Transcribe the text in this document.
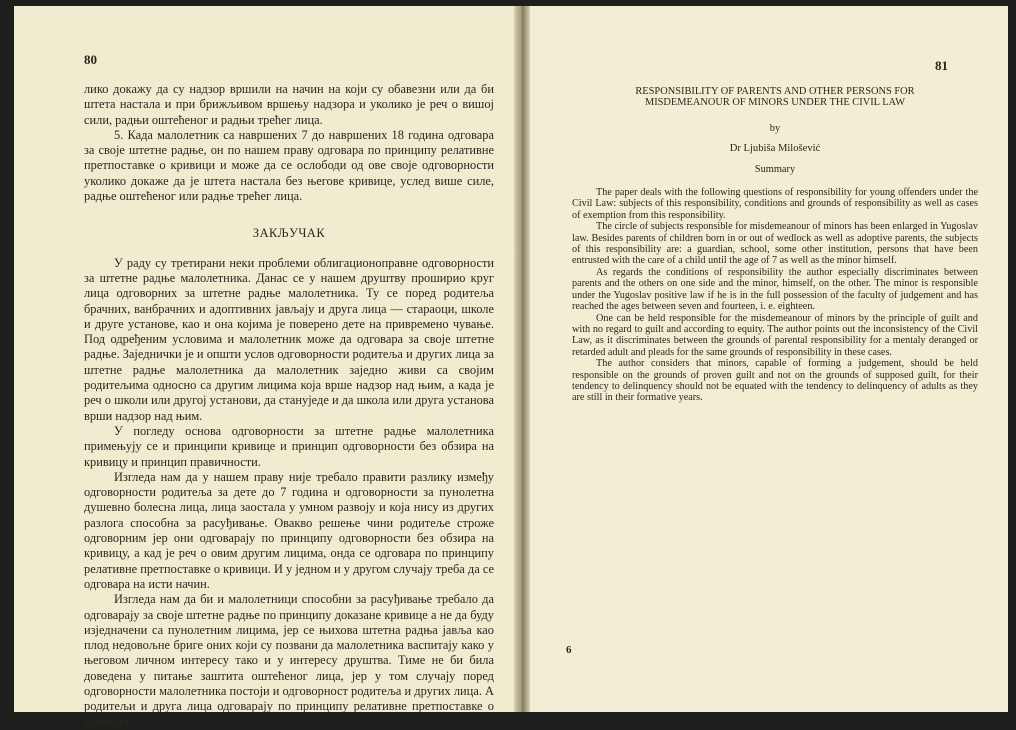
80

лико докажу да су надзор вршили на начин на који су обавезни или да би штета настала и при брижљивом вршењу надзора и уколико је реч о вишој сили, радњи оштећеног и радњи трећег лица.

5. Када малолетник са навршених 7 до навршених 18 година одговара за своје штетне радње, он по нашем праву одговара по принципу релативне претпоставке о кривици и може да се ослободи од ове своје одговорности уколико докаже да је штета настала без његове кривице, услед више силе, радње оштећеног или радње трећег лица.

ЗАКЉУЧАК

У раду су третирани неки проблеми облигационоправне одговорности за штетне радње малолетника. Данас се у нашем друштву проширио круг лица одговорних за штетне радње малолетника. Ту се поред родитеља брачних, ванбрачних и адоптивних јављају и друга лица — стараоци, школе и друге установе, као и она којима је поверено дете на привремено чување. Под одређеним условима и малолетник може да одговара за своје штетне радње. Заједнички је и општи услов одговорности родитеља и других лица за штетне радње малолетника да малолетник заједно живи са својим родитељима односно са другим лицима која врше надзор над њим, а када је реч о школи или другој установи, да стануједе и да школа или друга установа врши надзор над њим.

У погледу основа одговорности за штетне радње малолетника примењују се и принципи кривице и принцип одговорности без обзира на кривицу и принцип правичности.

Изгледа нам да у нашем праву није требало правити разлику између одговорности родитеља за дете до 7 година и одговорности за пунолетна душевно болесна лица, лица заостала у умном развоју и која нису из других разлога способна за расуђивање. Овакво решење чини родитеље строже одговорним јер они одговарају по принципу одговорности без обзира на кривицу, а кад је реч о овим другим лицима, онда се одговара по принципу релативне претпоставке о кривици. И у једном и у другом случају треба да се одговара на исти начин.

Изгледа нам да би и малолетници способни за расуђивање требало да одговарају за своје штетне радње по принципу доказане кривице а не да буду изједначени са пунолетним лицима, јер се њихова штетна радња јавља као плод недовољне бриге оних који су позвани да малолетника васпитају како у његовом личном интересу тако и у интересу друштва. Тиме не би била доведена у питање заштита оштећеног лица, јер у том случају поред одговорности малолетника постоји и одговорност родитеља и других лица. А родитељи и друга лица одговарају по принципу релативне претпоставке о кривици.

81

RESPONSIBILITY OF PARENTS AND OTHER PERSONS FOR

MISDEMEANOUR OF MINORS UNDER THE CIVIL LAW

by

Dr Ljubiša Milošević

Summary

The paper deals with the following questions of responsibility for young offenders under the Civil Law: subjects of this responsibility, conditions and grounds of responsibility as well as cases of exemption from this responsibility.

The circle of subjects responsible for misdemeanour of minors has been enlarged in Yugoslav law. Besides parents of children born in or out of wedlock as well as adoptive parents, the subjects of this responsibility are: a guardian, school, some other institution, persons that have been entrusted with the care of a child until the age of 7 as well as the minor himself.

As regards the conditions of responsibility the author especially discriminates between parents and the others on one side and the minor, himself, on the other. The minor is responsible under the Yugoslav positive law if he is in the full possession of the faculty of judgement and has reached the ages between seven and fourteen, i. e. eighteen.

One can be held responsible for the misdemeanour of minors by the principle of guilt and with no regard to guilt and according to equity. The author points out the inconsistency of the Civil Law, as it discriminates between the grounds of parental responsibility for a mentaly deranged or retarded adult and pleads for the same grounds of responsibility in these cases.

The author considers that minors, capable of forming a judgement, should be held responsible on the grounds of proven guilt and not on the grounds of supposed guilt, for their tendency to delinquency should not be equated with the tendency to delinquency of adults as they are still in their formative years.

6
